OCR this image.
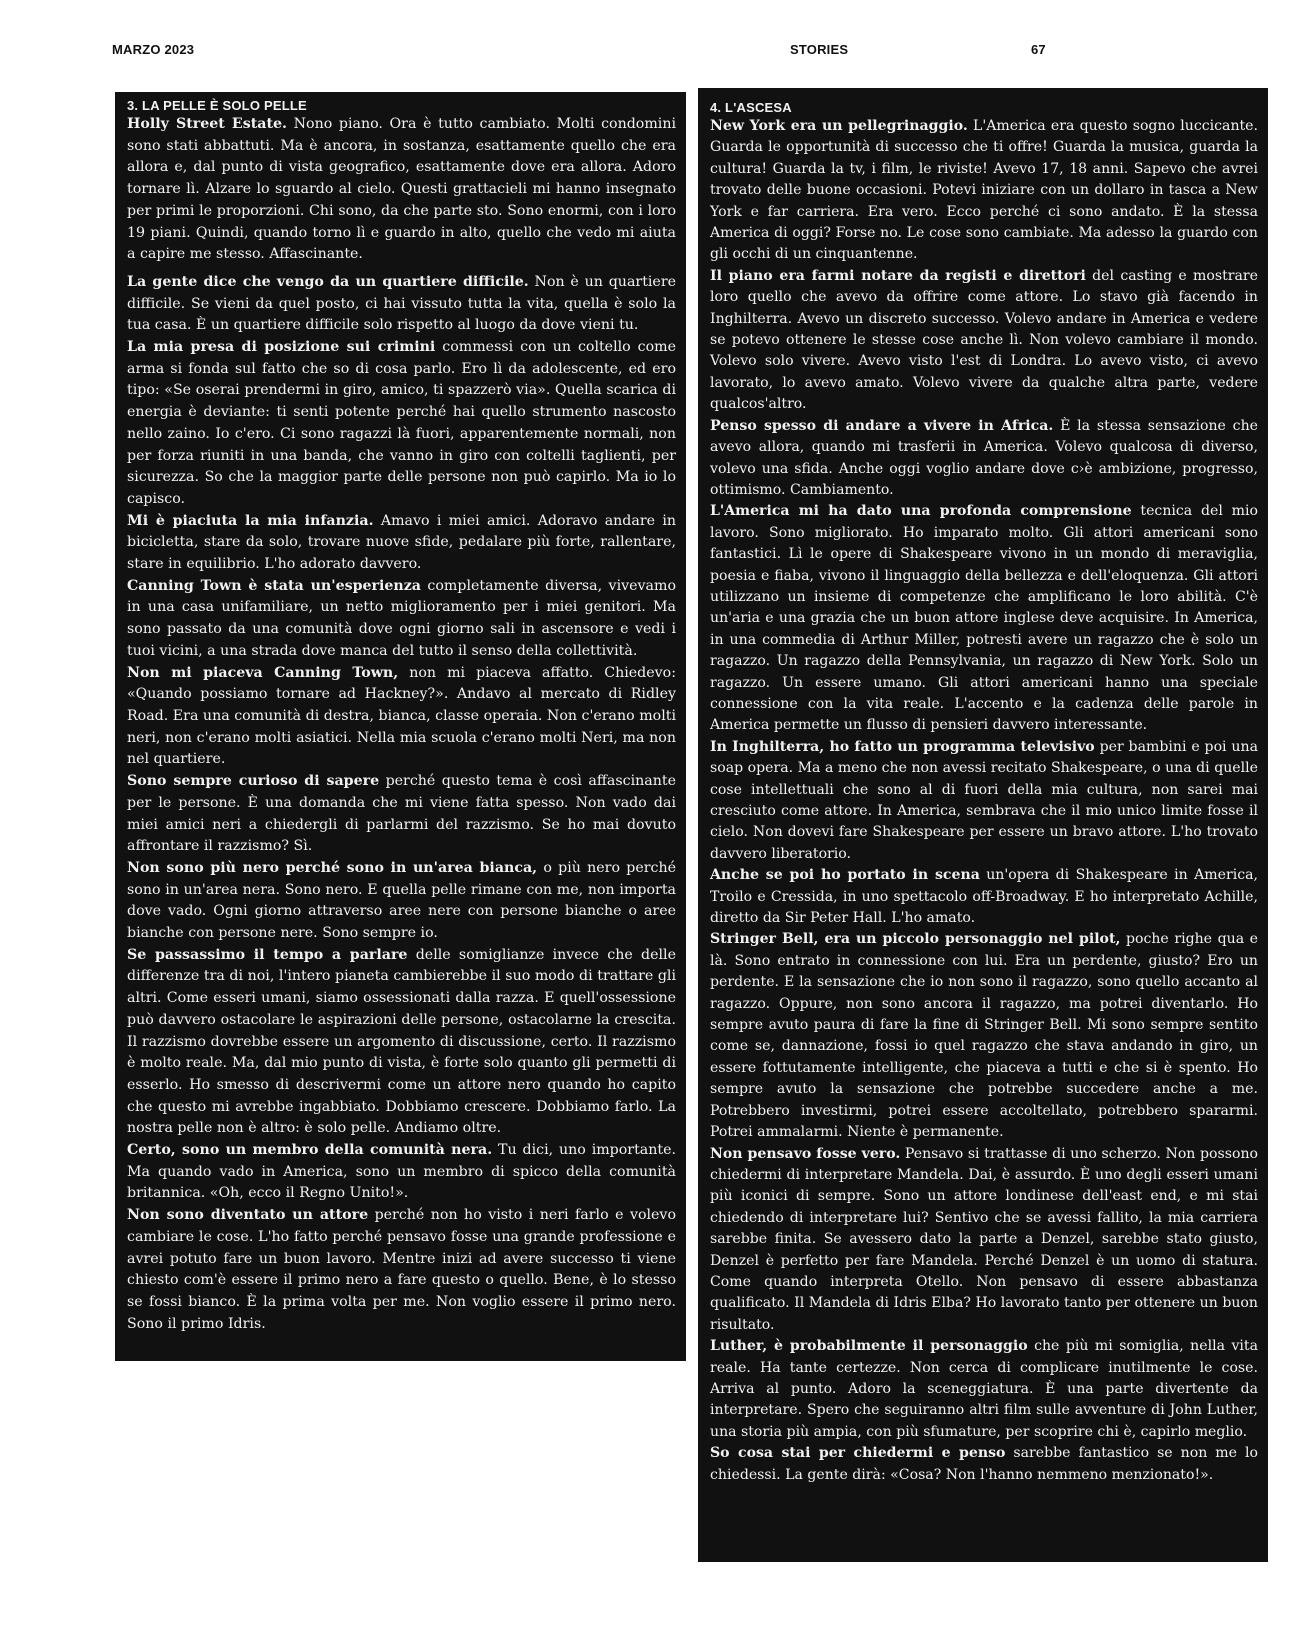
MARZO 2023	STORIES	67
3. LA PELLE È SOLO PELLE

Holly Street Estate. Nono piano. Ora è tutto cambiato. Molti condomini sono stati abbattuti. Ma è ancora, in sostanza, esattamente quello che era allora e, dal punto di vista geografico, esattamente dove era allora. Adoro tornare lì. Alzare lo sguardo al cielo. Questi grattacieli mi hanno insegnato per primi le proporzioni. Chi sono, da che parte sto. Sono enormi, con i loro 19 piani. Quindi, quando torno lì e guardo in alto, quello che vedo mi aiuta a capire me stesso. Affascinante.

La gente dice che vengo da un quartiere difficile. Non è un quartiere difficile. Se vieni da quel posto, ci hai vissuto tutta la vita, quella è solo la tua casa. È un quartiere difficile solo rispetto al luogo da dove vieni tu.

La mia presa di posizione sui crimini commessi con un coltello come arma si fonda sul fatto che so di cosa parlo. Ero lì da adolescente, ed ero tipo: «Se oserai prendermi in giro, amico, ti spazzerò via». Quella scarica di energia è deviante: ti senti potente perché hai quello strumento nascosto nello zaino. Io c'ero. Ci sono ragazzi là fuori, apparentemente normali, non per forza riuniti in una banda, che vanno in giro con coltelli taglienti, per sicurezza. So che la maggior parte delle persone non può capirlo. Ma io lo capisco.

Mi è piaciuta la mia infanzia. Amavo i miei amici. Adoravo andare in bicicletta, stare da solo, trovare nuove sfide, pedalare più forte, rallentare, stare in equilibrio. L'ho adorato davvero.

Canning Town è stata un'esperienza completamente diversa, vivevamo in una casa unifamiliare, un netto miglioramento per i miei genitori. Ma sono passato da una comunità dove ogni giorno sali in ascensore e vedi i tuoi vicini, a una strada dove manca del tutto il senso della collettività.

Non mi piaceva Canning Town, non mi piaceva affatto. Chiedevo: «Quando possiamo tornare ad Hackney?». Andavo al mercato di Ridley Road. Era una comunità di destra, bianca, classe operaia. Non c'erano molti neri, non c'erano molti asiatici. Nella mia scuola c'erano molti Neri, ma non nel quartiere.

Sono sempre curioso di sapere perché questo tema è così affascinante per le persone. È una domanda che mi viene fatta spesso. Non vado dai miei amici neri a chiedergli di parlarmi del razzismo. Se ho mai dovuto affrontare il razzismo? Sì.

Non sono più nero perché sono in un'area bianca, o più nero perché sono in un'area nera. Sono nero. E quella pelle rimane con me, non importa dove vado. Ogni giorno attraverso aree nere con persone bianche o aree bianche con persone nere. Sono sempre io.

Se passassimo il tempo a parlare delle somiglianze invece che delle differenze tra di noi, l'intero pianeta cambierebbe il suo modo di trattare gli altri. Come esseri umani, siamo ossessionati dalla razza. E quell'ossessione può davvero ostacolare le aspirazioni delle persone, ostacolarne la crescita. Il razzismo dovrebbe essere un argomento di discussione, certo. Il razzismo è molto reale. Ma, dal mio punto di vista, è forte solo quanto gli permetti di esserlo. Ho smesso di descrivermi come un attore nero quando ho capito che questo mi avrebbe ingabbiato. Dobbiamo crescere. Dobbiamo farlo. La nostra pelle non è altro: è solo pelle. Andiamo oltre.

Certo, sono un membro della comunità nera. Tu dici, uno importante. Ma quando vado in America, sono un membro di spicco della comunità britannica. «Oh, ecco il Regno Unito!».

Non sono diventato un attore perché non ho visto i neri farlo e volevo cambiare le cose. L'ho fatto perché pensavo fosse una grande professione e avrei potuto fare un buon lavoro. Mentre inizi ad avere successo ti viene chiesto com'è essere il primo nero a fare questo o quello. Bene, è lo stesso se fossi bianco. È la prima volta per me. Non voglio essere il primo nero. Sono il primo Idris.

4. L'ASCESA

New York era un pellegrinaggio. L'America era questo sogno luccicante. Guarda le opportunità di successo che ti offre! Guarda la musica, guarda la cultura! Guarda la tv, i film, le riviste! Avevo 17, 18 anni. Sapevo che avrei trovato delle buone occasioni. Potevi iniziare con un dollaro in tasca a New York e far carriera. Era vero. Ecco perché ci sono andato. È la stessa America di oggi? Forse no. Le cose sono cambiate. Ma adesso la guardo con gli occhi di un cinquantenne.

Il piano era farmi notare da registi e direttori del casting e mostrare loro quello che avevo da offrire come attore. Lo stavo già facendo in Inghilterra. Avevo un discreto successo. Volevo andare in America e vedere se potevo ottenere le stesse cose anche lì. Non volevo cambiare il mondo. Volevo solo vivere. Avevo visto l'est di Londra. Lo avevo visto, ci avevo lavorato, lo avevo amato. Volevo vivere da qualche altra parte, vedere qualcos'altro.

Penso spesso di andare a vivere in Africa. È la stessa sensazione che avevo allora, quando mi trasferii in America. Volevo qualcosa di diverso, volevo una sfida. Anche oggi voglio andare dove c›è ambizione, progresso, ottimismo. Cambiamento.

L'America mi ha dato una profonda comprensione tecnica del mio lavoro. Sono migliorato. Ho imparato molto. Gli attori americani sono fantastici. Lì le opere di Shakespeare vivono in un mondo di meraviglia, poesia e fiaba, vivono il linguaggio della bellezza e dell'eloquenza. Gli attori utilizzano un insieme di competenze che amplificano le loro abilità. C'è un'aria e una grazia che un buon attore inglese deve acquisire. In America, in una commedia di Arthur Miller, potresti avere un ragazzo che è solo un ragazzo. Un ragazzo della Pennsylvania, un ragazzo di New York. Solo un ragazzo. Un essere umano. Gli attori americani hanno una speciale connessione con la vita reale. L'accento e la cadenza delle parole in America permette un flusso di pensieri davvero interessante.

In Inghilterra, ho fatto un programma televisivo per bambini e poi una soap opera. Ma a meno che non avessi recitato Shakespeare, o una di quelle cose intellettuali che sono al di fuori della mia cultura, non sarei mai cresciuto come attore. In America, sembrava che il mio unico limite fosse il cielo. Non dovevi fare Shakespeare per essere un bravo attore. L'ho trovato davvero liberatorio.

Anche se poi ho portato in scena un'opera di Shakespeare in America, Troilo e Cressida, in uno spettacolo off-Broadway. E ho interpretato Achille, diretto da Sir Peter Hall. L'ho amato.

Stringer Bell, era un piccolo personaggio nel pilot, poche righe qua e là. Sono entrato in connessione con lui. Era un perdente, giusto? Ero un perdente. E la sensazione che io non sono il ragazzo, sono quello accanto al ragazzo. Oppure, non sono ancora il ragazzo, ma potrei diventarlo. Ho sempre avuto paura di fare la fine di Stringer Bell. Mi sono sempre sentito come se, dannazione, fossi io quel ragazzo che stava andando in giro, un essere fottutamente intelligente, che piaceva a tutti e che si è spento. Ho sempre avuto la sensazione che potrebbe succedere anche a me. Potrebbero investirmi, potrei essere accoltellato, potrebbero spararmi. Potrei ammalarmi. Niente è permanente.

Non pensavo fosse vero. Pensavo si trattasse di uno scherzo. Non possono chiedermi di interpretare Mandela. Dai, è assurdo. È uno degli esseri umani più iconici di sempre. Sono un attore londinese dell'east end, e mi stai chiedendo di interpretare lui? Sentivo che se avessi fallito, la mia carriera sarebbe finita. Se avessero dato la parte a Denzel, sarebbe stato giusto, Denzel è perfetto per fare Mandela. Perché Denzel è un uomo di statura. Come quando interpreta Otello. Non pensavo di essere abbastanza qualificato. Il Mandela di Idris Elba? Ho lavorato tanto per ottenere un buon risultato.

Luther, è probabilmente il personaggio che più mi somiglia, nella vita reale. Ha tante certezze. Non cerca di complicare inutilmente le cose. Arriva al punto. Adoro la sceneggiatura. È una parte divertente da interpretare. Spero che seguiranno altri film sulle avventure di John Luther, una storia più ampia, con più sfumature, per scoprire chi è, capirlo meglio.

So cosa stai per chiedermi e penso sarebbe fantastico se non me lo chiedessi. La gente dirà: «Cosa? Non l'hanno nemmeno menzionato!».
